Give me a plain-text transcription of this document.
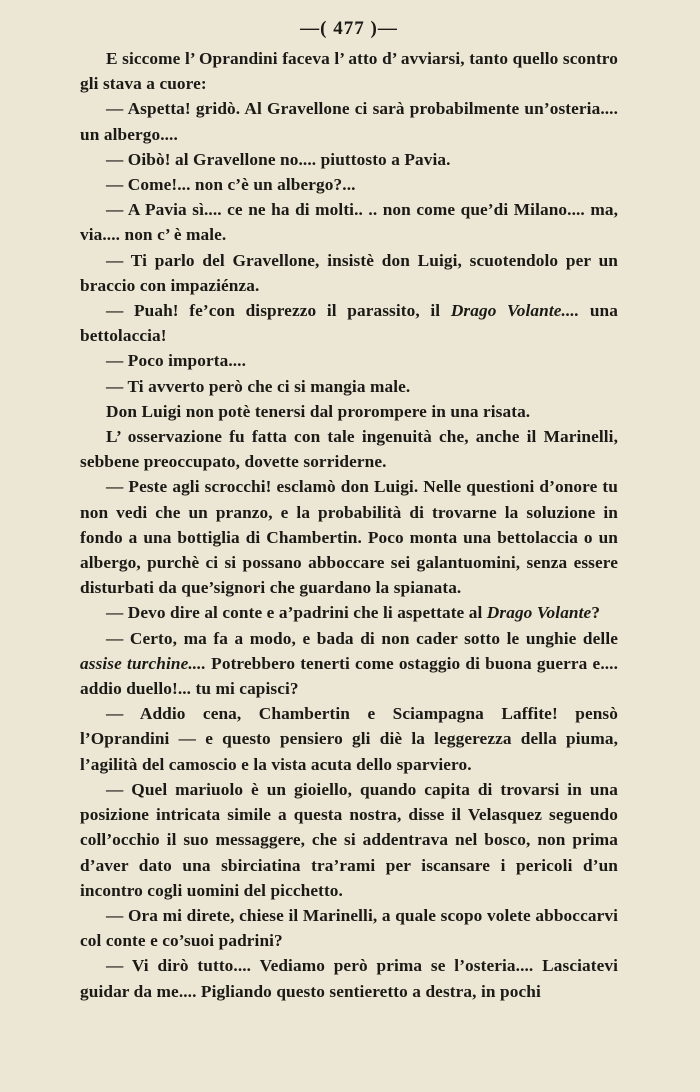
—( 477 )—

E siccome l’ Oprandini faceva l’ atto d’ avviarsi, tanto quello scontro gli stava a cuore:

— Aspetta! gridò. Al Gravellone ci sarà probabilmente un’osteria.... un albergo....

— Oibò! al Gravellone no.... piuttosto a Pavia.

— Come!... non c’è un albergo?...

— A Pavia sì.... ce ne ha di molti.. .. non come que’di Milano.... ma, via.... non c’ è male.

— Ti parlo del Gravellone, insistè don Luigi, scuotendolo per un braccio con impaziénza.

— Puah! fe’con disprezzo il parassito, il Drago Volante.... una bettolaccia!

— Poco importa....

— Ti avverto però che ci si mangia male.

Don Luigi non potè tenersi dal prorompere in una risata.

L’ osservazione fu fatta con tale ingenuità che, anche il Marinelli, sebbene preoccupato, dovette sorriderne.

— Peste agli scrocchi! esclamò don Luigi. Nelle questioni d’onore tu non vedi che un pranzo, e la probabilità di trovarne la soluzione in fondo a una bottiglia di Chambertin. Poco monta una bettolaccia o un albergo, purchè ci si possano abboccare sei galantuomini, senza essere disturbati da que’signori che guardano la spianata.

— Devo dire al conte e a’padrini che li aspettate al Drago Volante?

— Certo, ma fa a modo, e bada di non cader sotto le unghie delle assise turchine.... Potrebbero tenerti come ostaggio di buona guerra e.... addio duello!... tu mi capisci?

— Addio cena, Chambertin e Sciampagna Laffite! pensò l’Oprandini — e questo pensiero gli diè la leggerezza della piuma, l’agilità del camoscio e la vista acuta dello sparviero.

— Quel mariuolo è un gioiello, quando capita di trovarsi in una posizione intricata simile a questa nostra, disse il Velasquez seguendo coll’occhio il suo messaggere, che si addentrava nel bosco, non prima d’aver dato una sbirciatina tra’rami per iscansare i pericoli d’un incontro cogli uomini del picchetto.

— Ora mi direte, chiese il Marinelli, a quale scopo volete abboccarvi col conte e co’suoi padrini?

— Vi dirò tutto.... Vediamo però prima se l’osteria.... Lasciatevi guidar da me.... Pigliando questo sentieretto a destra, in pochi
